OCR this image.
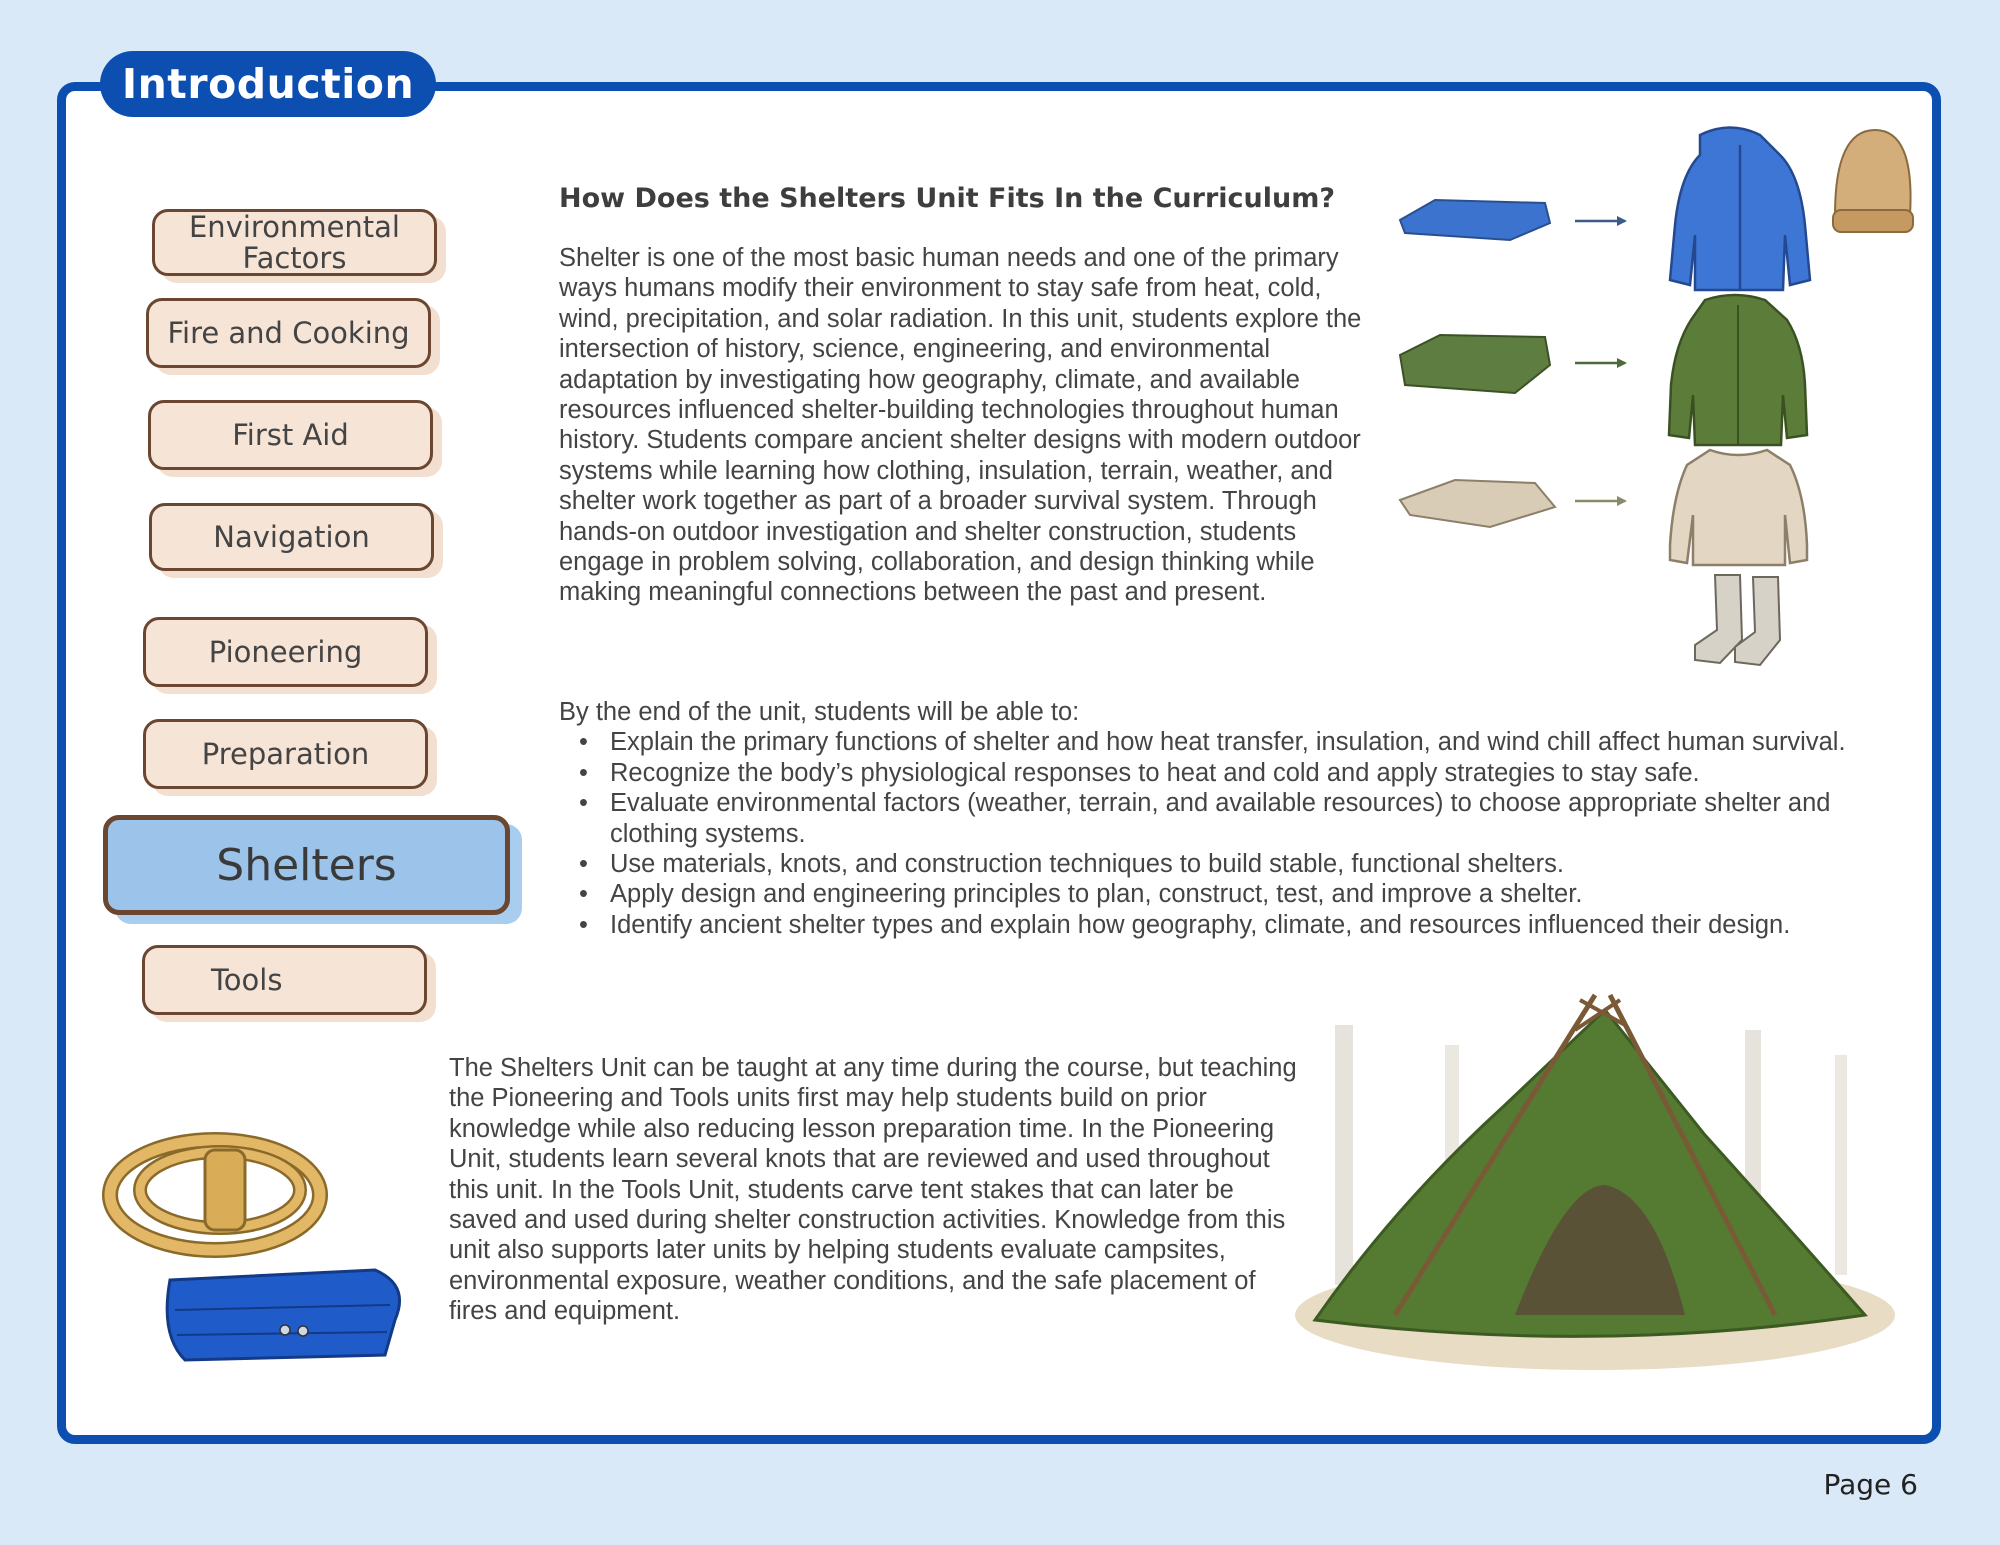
Introduction
Environmental Factors
Fire and Cooking
First Aid
Navigation
Pioneering
Preparation
Shelters
Tools
How Does the Shelters Unit Fits In the Curriculum?
Shelter is one of the most basic human needs and one of the primary ways humans modify their environment to stay safe from heat, cold, wind, precipitation, and solar radiation. In this unit, students explore the intersection of history, science, engineering, and environmental adaptation by investigating how geography, climate, and available resources influenced shelter-building technologies throughout human history. Students compare ancient shelter designs with modern outdoor systems while learning how clothing, insulation, terrain, weather, and shelter work together as part of a broader survival system. Through hands-on outdoor investigation and shelter construction, students engage in problem solving, collaboration, and design thinking while making meaningful connections between the past and present.
By the end of the unit, students will be able to:
• Explain the primary functions of shelter and how heat transfer, insulation, and wind chill affect human survival.
• Recognize the body’s physiological responses to heat and cold and apply strategies to stay safe.
• Evaluate environmental factors (weather, terrain, and available resources) to choose appropriate shelter and clothing systems.
• Use materials, knots, and construction techniques to build stable, functional shelters.
• Apply design and engineering principles to plan, construct, test, and improve a shelter.
• Identify ancient shelter types and explain how geography, climate, and resources influenced their design.
The Shelters Unit can be taught at any time during the course, but teaching the Pioneering and Tools units first may help students build on prior knowledge while also reducing lesson preparation time. In the Pioneering Unit, students learn several knots that are reviewed and used throughout this unit. In the Tools Unit, students carve tent stakes that can later be saved and used during shelter construction activities. Knowledge from this unit also supports later units by helping students evaluate campsites, environmental exposure, weather conditions, and the safe placement of fires and equipment.
Page 6
